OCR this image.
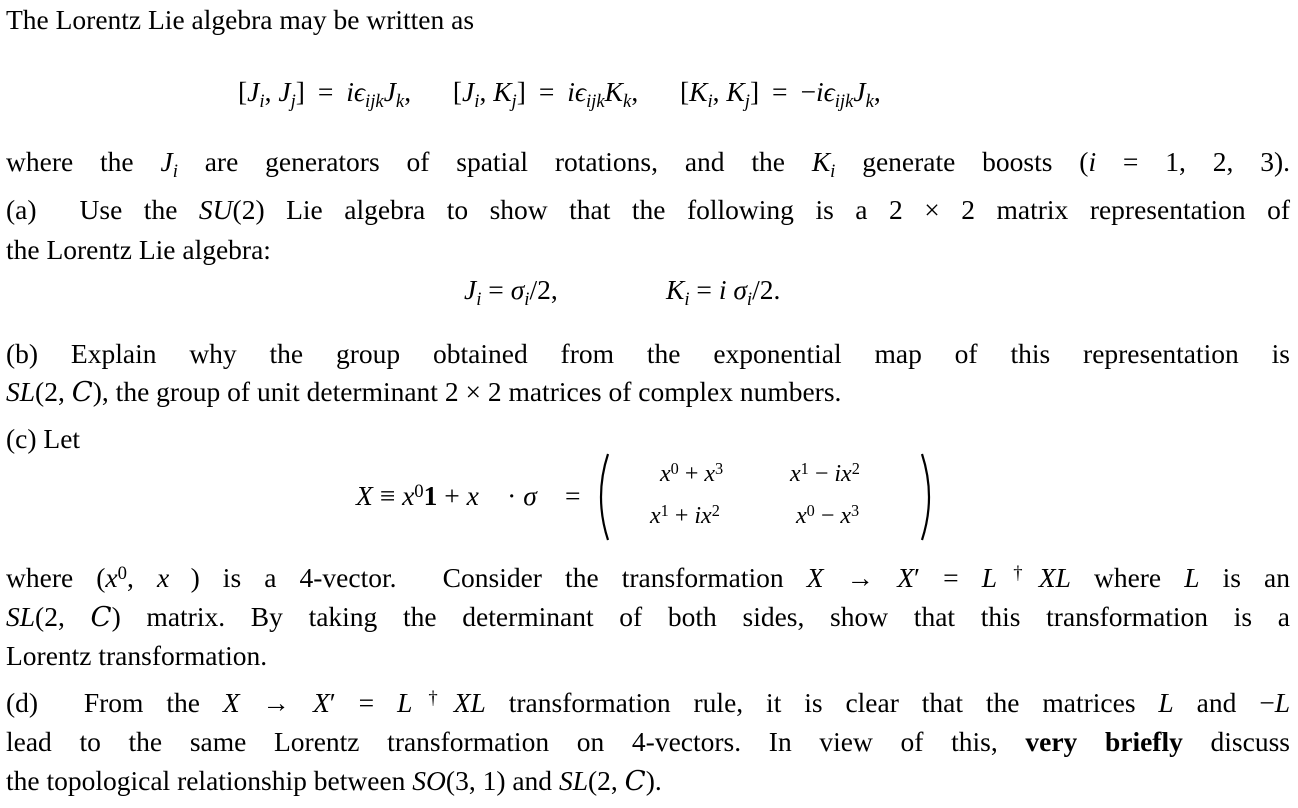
The Lorentz Lie algebra may be written as
[$J_i$, $J_j] = i\epsilon_{ijk}J_k$, [$J_i$, $K_j] = i\epsilon_{ijk}K_k$, [$K_i$, $K_j] = -i\epsilon_{ijk}J_k$,
where the $J_i$ are generators of spatial rotations, and the $K_i$ generate boosts (i = 1, 2, 3).
(a)  Use the SU(2) Lie algebra to show that the following is a 2 × 2 matrix representation of
the Lorentz Lie algebra:
$J_i = \sigma_i/2$,	$K_i = i$ $\sigma_i/2$.
(b) Explain why the group obtained from the exponential map of this representation is
SL(2, C), the group of unit determinant 2 × 2 matrices of complex numbers.
(c) Let
$X \equiv x^01$ + x⃗ · σ⃗ =
$x^0 + x^3$	$x^1 - ix^2$
$x^1 + ix^2$	$x^0 - x^3$
where ($x^0$, x⃗) is a 4-vector.  Consider the transformation X → X′ = L†XL where L is an
SL(2, C) matrix. By taking the determinant of both sides, show that this transformation is a
Lorentz transformation.
(d)  From the X → X′ = L†XL transformation rule, it is clear that the matrices L and −L
lead to the same Lorentz transformation on 4-vectors. In view of this, very briefly discuss
the topological relationship between SO(3, 1) and SL(2, C).
